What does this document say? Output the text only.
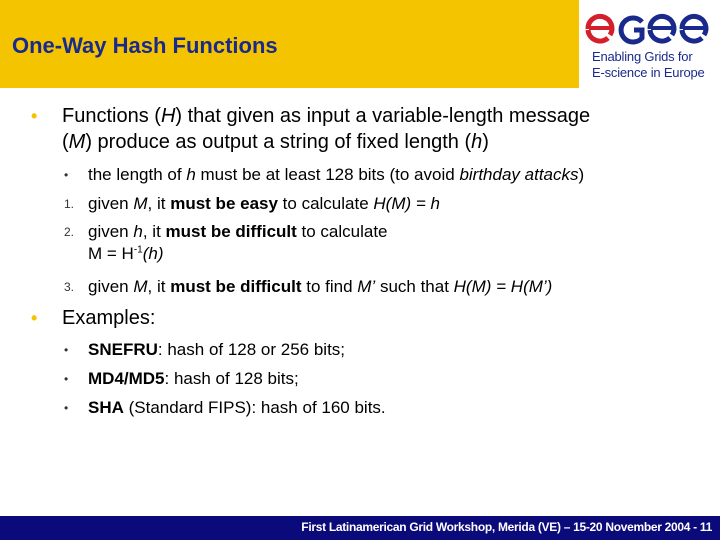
One-Way Hash Functions	Enabling Grids for
E-science in Europe
• Functions (H) that given as input a variable-length message
(M) produce as output a string of fixed length (h)
• the length of h must be at least 128 bits (to avoid birthday attacks)
1. given M, it must be easy to calculate H(M) = h
2. given h, it must be difficult to calculate
$M = H^{-1}(h)$
3. given M, it must be difficult to find M’ such that H(M) = H(M’)
• Examples:
• SNEFRU: hash of 128 or 256 bits;
• MD4/MD5: hash of 128 bits;
• SHA (Standard FIPS): hash of 160 bits.
First Latinamerican Grid Workshop, Merida (VE) – 15-20 November 2004 - 11
